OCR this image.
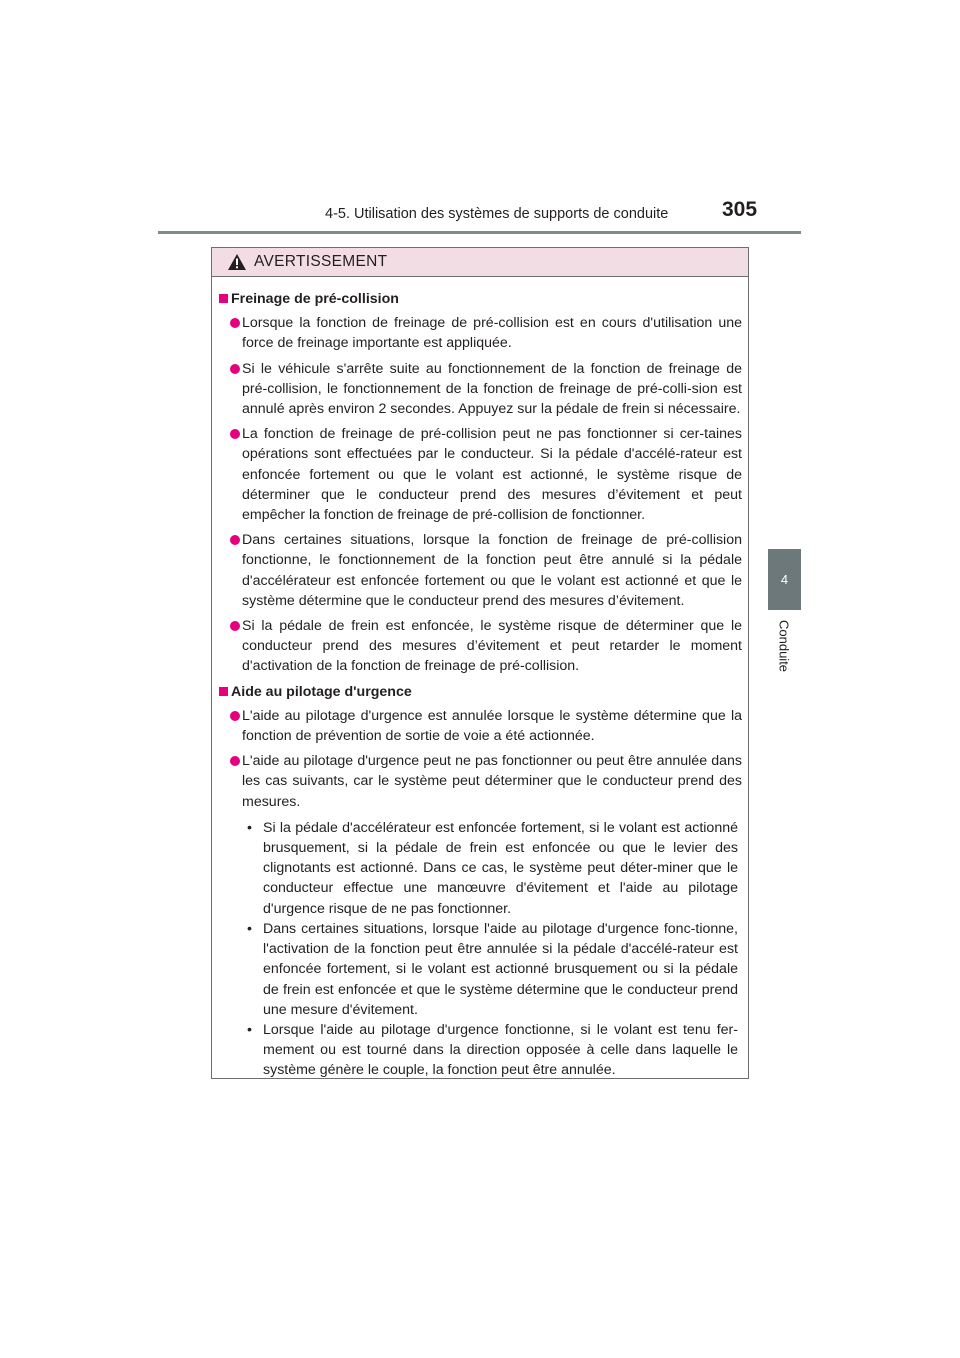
4-5. Utilisation des systèmes de supports de conduite	305
4
Conduite
AVERTISSEMENT
Freinage de pré-collision
Lorsque la fonction de freinage de pré-collision est en cours d'utilisation une force de freinage importante est appliquée.
Si le véhicule s'arrête suite au fonctionnement de la fonction de freinage de pré-collision, le fonctionnement de la fonction de freinage de pré-colli-sion est annulé après environ 2 secondes. Appuyez sur la pédale de frein si nécessaire.
La fonction de freinage de pré-collision peut ne pas fonctionner si cer-taines opérations sont effectuées par le conducteur. Si la pédale d'accélé-rateur est enfoncée fortement ou que le volant est actionné, le système risque de déterminer que le conducteur prend des mesures d’évitement et peut empêcher la fonction de freinage de pré-collision de fonctionner.
Dans certaines situations, lorsque la fonction de freinage de pré-collision fonctionne, le fonctionnement de la fonction peut être annulé si la pédale d'accélérateur est enfoncée fortement ou que le volant est actionné et que le système détermine que le conducteur prend des mesures d’évitement.
Si la pédale de frein est enfoncée, le système risque de déterminer que le conducteur prend des mesures d’évitement et peut retarder le moment d'activation de la fonction de freinage de pré-collision.
Aide au pilotage d'urgence
L'aide au pilotage d'urgence est annulée lorsque le système détermine que la fonction de prévention de sortie de voie a été actionnée.
L'aide au pilotage d'urgence peut ne pas fonctionner ou peut être annulée dans les cas suivants, car le système peut déterminer que le conducteur prend des mesures.
• Si la pédale d'accélérateur est enfoncée fortement, si le volant est actionné brusquement, si la pédale de frein est enfoncée ou que le levier des clignotants est actionné. Dans ce cas, le système peut déter-miner que le conducteur effectue une manœuvre d'évitement et l'aide au pilotage d'urgence risque de ne pas fonctionner.
• Dans certaines situations, lorsque l'aide au pilotage d'urgence fonc-tionne, l'activation de la fonction peut être annulée si la pédale d'accélé-rateur est enfoncée fortement, si le volant est actionné brusquement ou si la pédale de frein est enfoncée et que le système détermine que le conducteur prend une mesure d'évitement.
• Lorsque l'aide au pilotage d'urgence fonctionne, si le volant est tenu fer-mement ou est tourné dans la direction opposée à celle dans laquelle le système génère le couple, la fonction peut être annulée.
